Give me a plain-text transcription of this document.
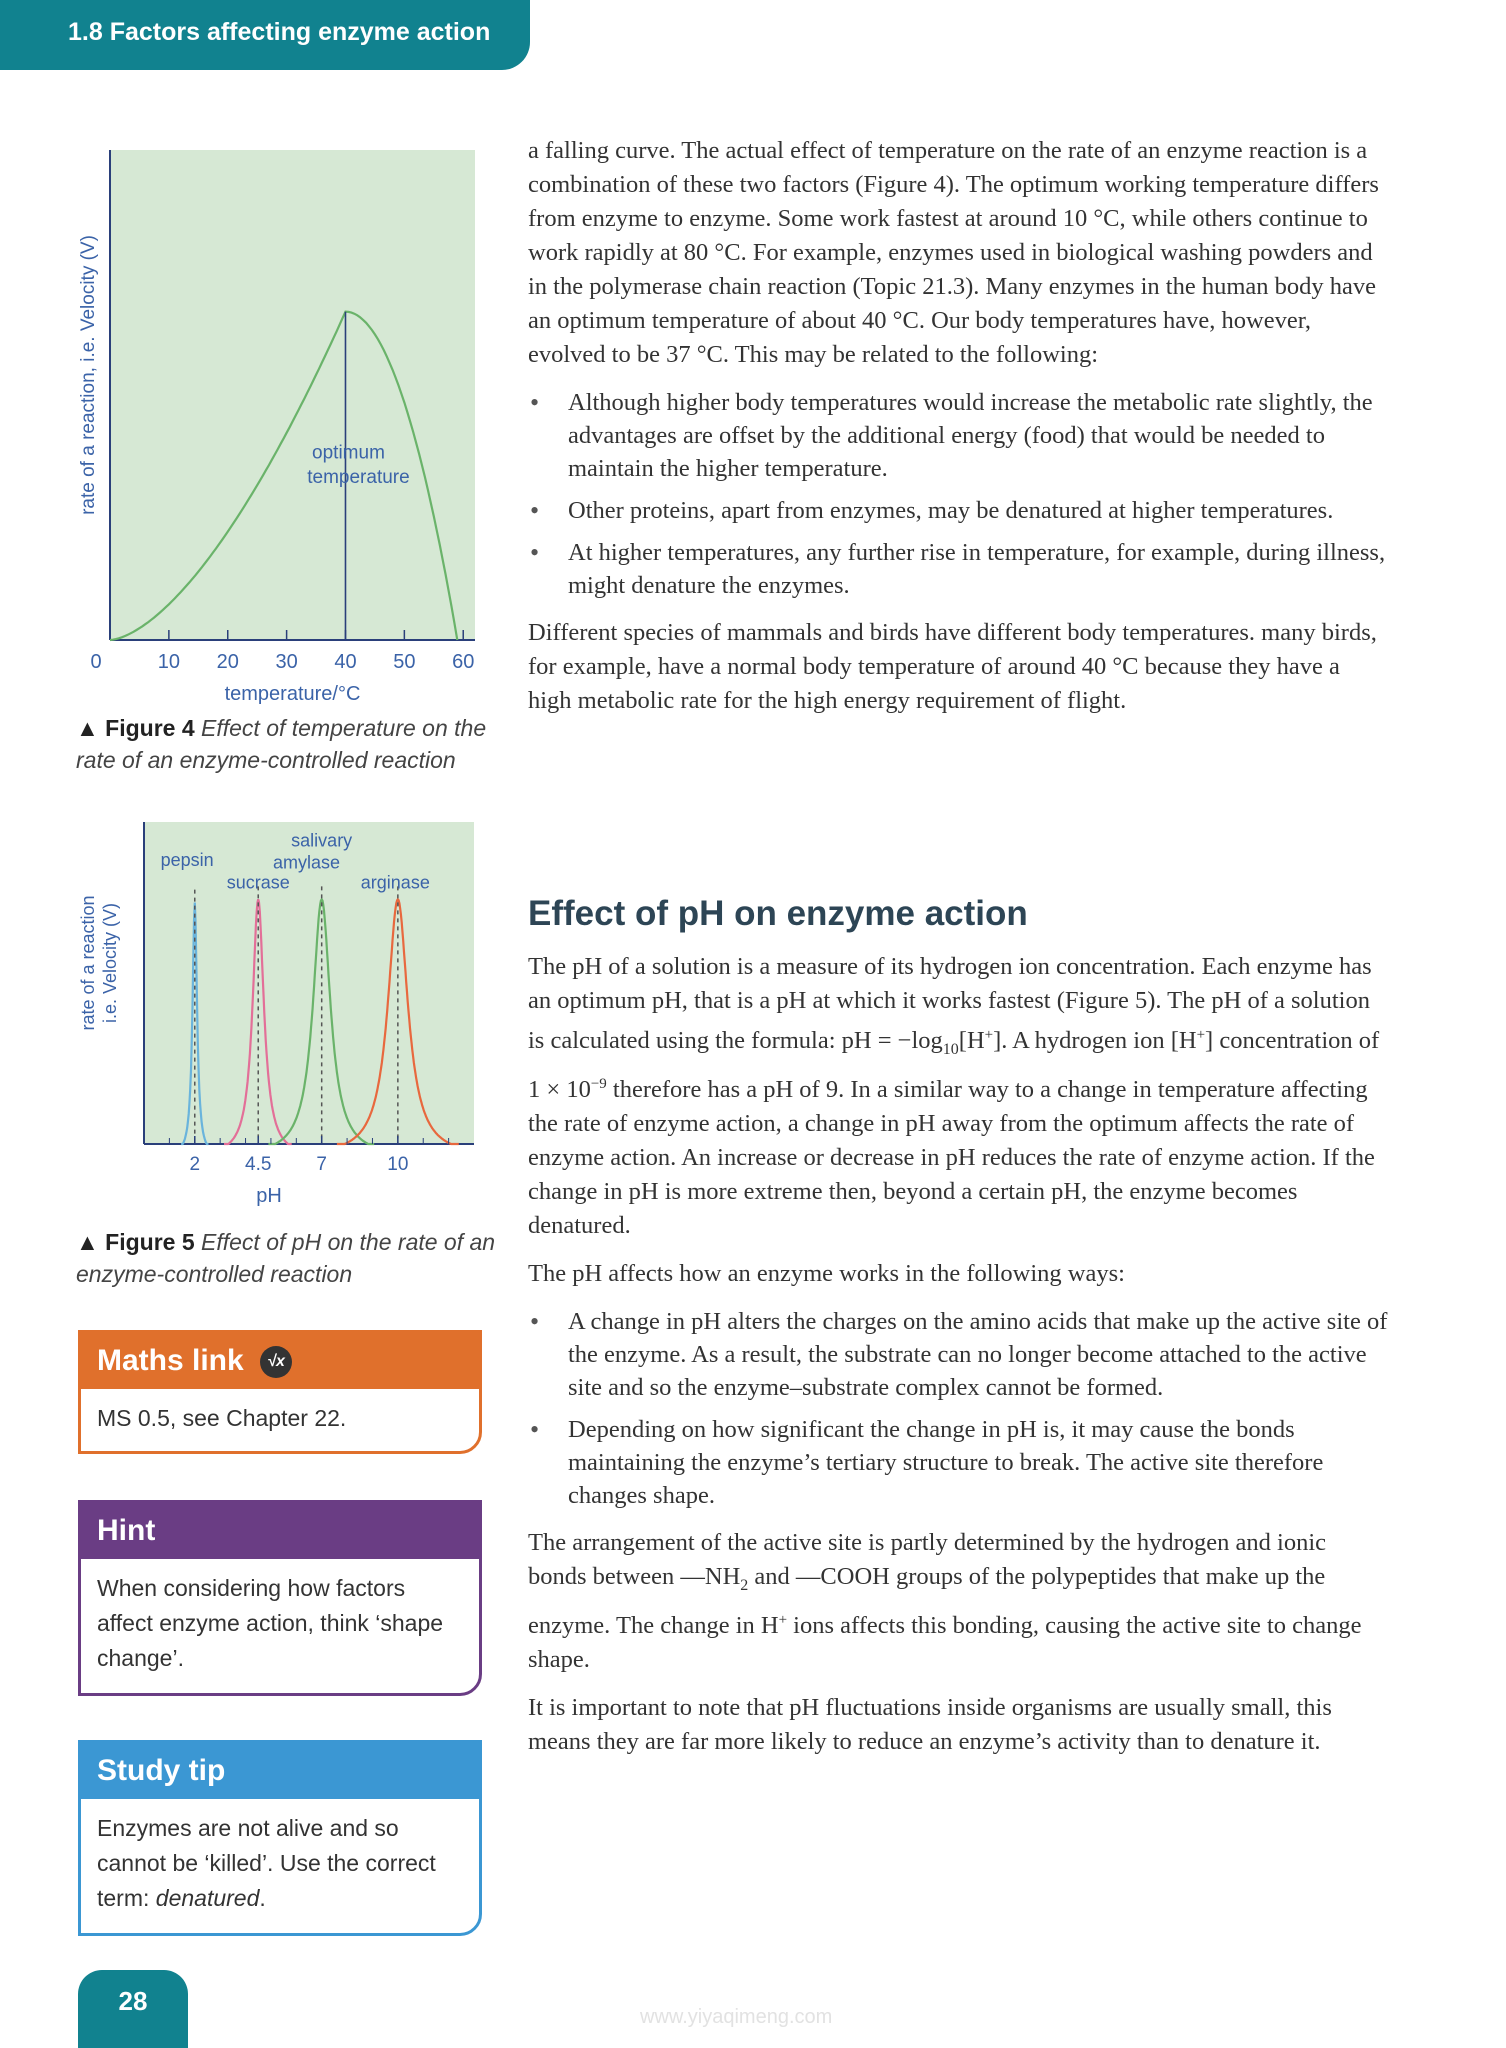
1.8 Factors affecting enzyme action
optimum
temperature
0	10 20 30 40 50 60
temperature/°C
rate of a reaction, i.e. Velocity (V)
▲ Figure 4 Effect of temperature on the rate of an enzyme-controlled reaction
pepsin
sucrase
salivary
amylase
arginase
2 4.5 7	10
pH
rate of a reaction i.e. Velocity (V)
▲ Figure 5 Effect of pH on the rate of an enzyme-controlled reaction
Maths link √x
MS 0.5, see Chapter 22.
Hint
When considering how factors affect enzyme action, think ‘shape change’.
Study tip
Enzymes are not alive and so cannot be ‘killed’. Use the correct term: denatured.

a falling curve. The actual effect of temperature on the rate of an enzyme reaction is a combination of these two factors (Figure 4). The optimum working temperature differs from enzyme to enzyme. Some work fastest at around 10 °C, while others continue to work rapidly at 80 °C. For example, enzymes used in biological washing powders and in the polymerase chain reaction (Topic 21.3). Many enzymes in the human body have an optimum temperature of about 40 °C. Our body temperatures have, however, evolved to be 37 °C. This may be related to the following:

• Although higher body temperatures would increase the metabolic rate slightly, the advantages are offset by the additional energy (food) that would be needed to maintain the higher temperature.
• Other proteins, apart from enzymes, may be denatured at higher temperatures.
• At higher temperatures, any further rise in temperature, for example, during illness, might denature the enzymes.

Different species of mammals and birds have different body temperatures. many birds, for example, have a normal body temperature of around 40 °C because they have a high metabolic rate for the high energy requirement of flight.

Effect of pH on enzyme action

The pH of a solution is a measure of its hydrogen ion concentration. Each enzyme has an optimum pH, that is a pH at which it works fastest (Figure 5). The pH of a solution is calculated using the formula: pH = $-\log_{10}[H^+]$. A hydrogen ion [H+] concentration of $1 \times 10^{-9}$ therefore has a pH of 9. In a similar way to a change in temperature affecting the rate of enzyme action, a change in pH away from the optimum affects the rate of enzyme action. An increase or decrease in pH reduces the rate of enzyme action. If the change in pH is more extreme then, beyond a certain pH, the enzyme becomes denatured.

The pH affects how an enzyme works in the following ways:

• A change in pH alters the charges on the amino acids that make up the active site of the enzyme. As a result, the substrate can no longer become attached to the active site and so the enzyme–substrate complex cannot be formed.
• Depending on how significant the change in pH is, it may cause the bonds maintaining the enzyme’s tertiary structure to break. The active site therefore changes shape.

The arrangement of the active site is partly determined by the hydrogen and ionic bonds between $—NH_2$ and —COOH groups of the polypeptides that make up the enzyme. The change in H+ ions affects this bonding, causing the active site to change shape.

It is important to note that pH fluctuations inside organisms are usually small, this means they are far more likely to reduce an enzyme’s activity than to denature it.

28
www.yiyaqimeng.com
